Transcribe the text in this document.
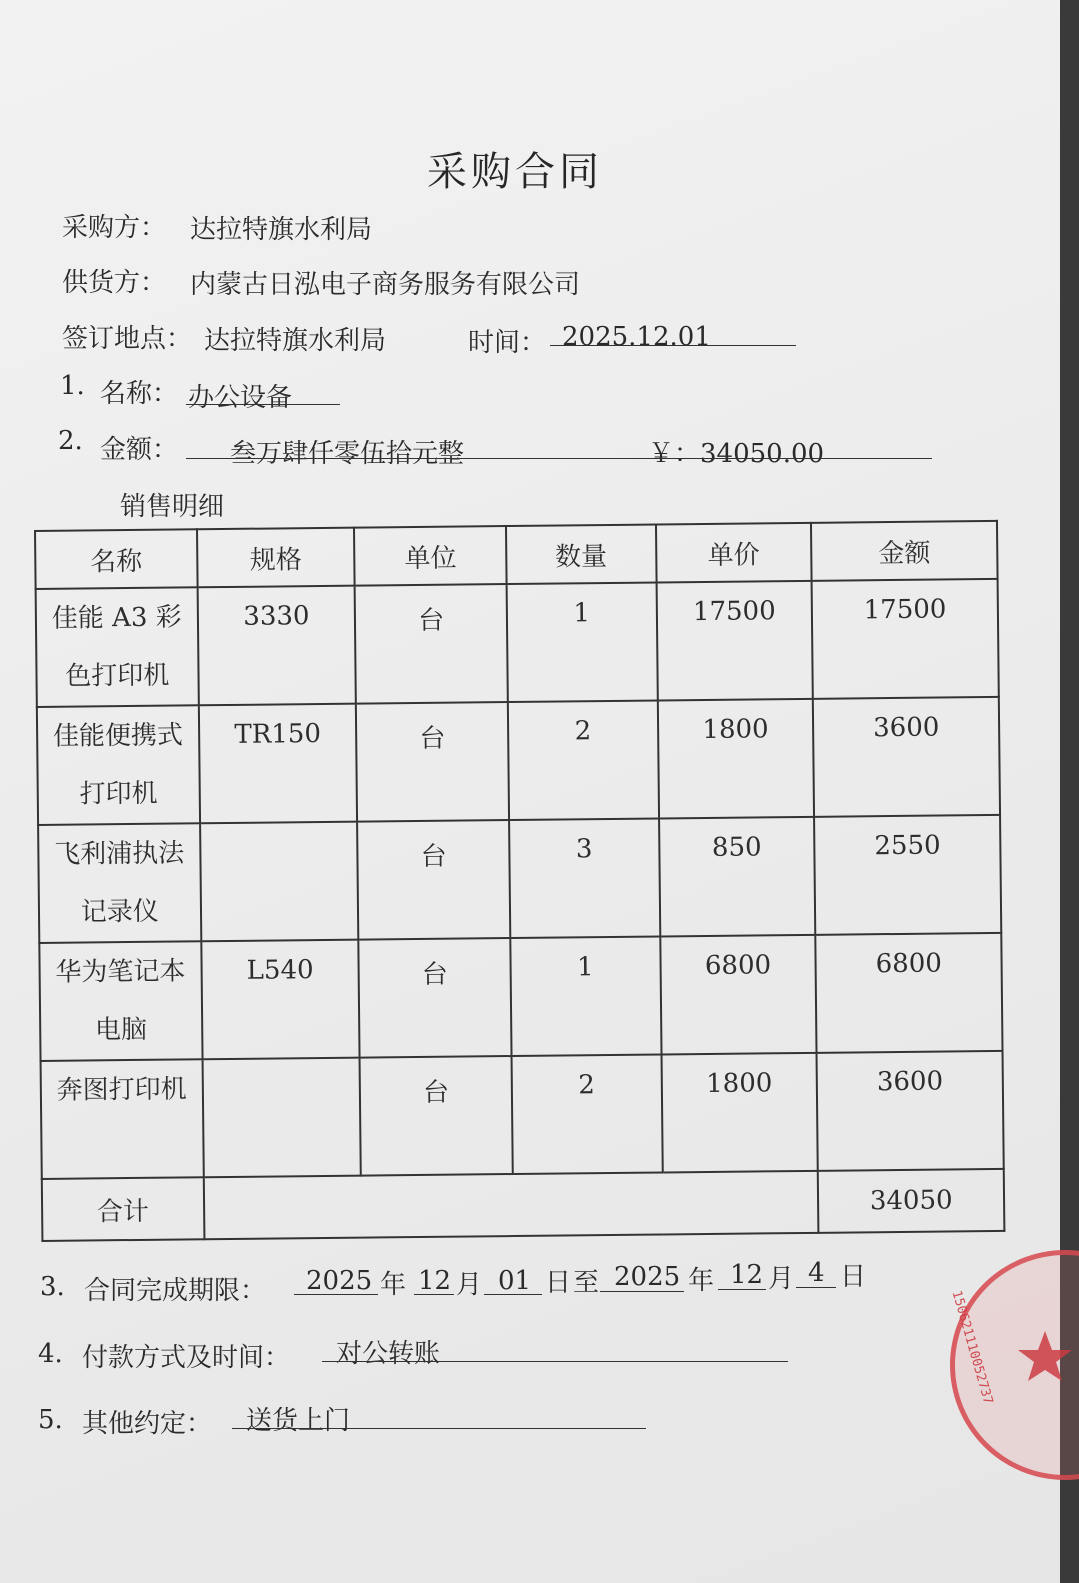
采购合同
采购方： 达拉特旗水利局
供货方： 内蒙古日泓电子商务服务有限公司
签订地点： 达拉特旗水利局	时间： 2025.12.01
1. 名称： 办公设备
2. 金额： 叁万肆仟零伍拾元整	￥：34050.00
销售明细
名称	规格	单位	数量	单价	金额
佳能 A3 彩色打印机	3330	台	1	17500	17500
佳能便携式打印机	TR150	台	2	1800	3600
飞利浦执法记录仪		台	3	850	2550
华为笔记本电脑	L540	台	1	6800	6800
奔图打印机		台	2	1800	3600
合计					34050
3. 合同完成期限： 2025 年 12 月 01 日 至 2025 年 12 月 4 日
4. 付款方式及时间： 对公转账
5. 其他约定： 送货上门
150621110052737
